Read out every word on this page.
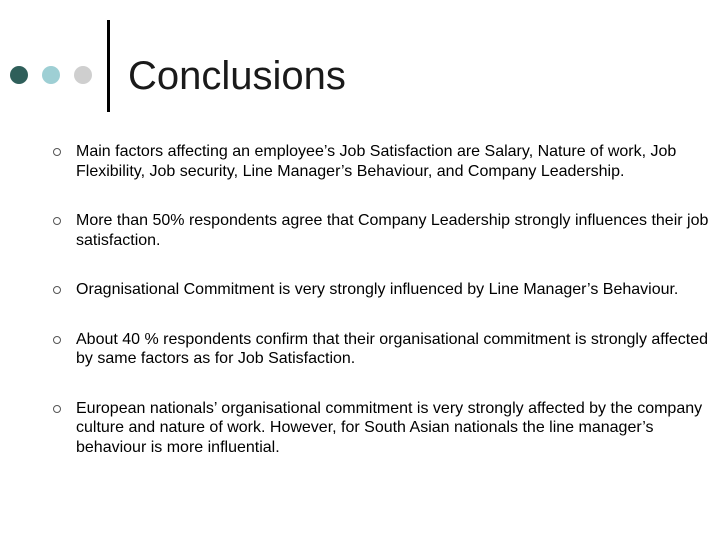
Conclusions
Main factors affecting an employee’s Job Satisfaction are Salary, Nature of work, Job Flexibility, Job security, Line Manager’s Behaviour, and Company Leadership.
More than 50% respondents agree that Company Leadership strongly influences their job satisfaction.
Oragnisational Commitment is very strongly influenced by Line Manager’s Behaviour.
About 40 % respondents confirm that their organisational commitment is strongly affected by same factors as for Job Satisfaction.
European nationals’ organisational commitment is very strongly affected by the company culture and nature of work. However, for South Asian nationals the line manager’s behaviour is more influential.
